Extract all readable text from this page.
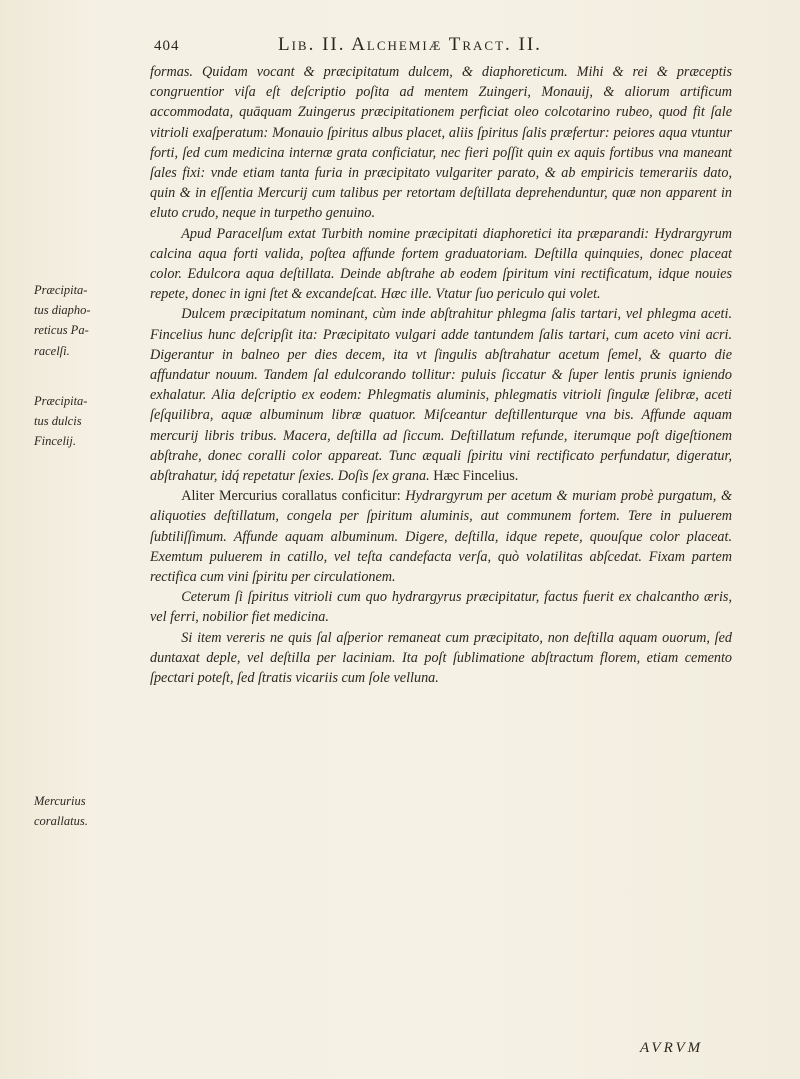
404	Lib. II. Alchemiæ Tract. II.
Præcipita-
tus diapho-
reticus Pa-
racelſi.
Præcipita-
tus dulcis
Fincelij.
Mercurius
corallatus.

formas. Quidam vocant & præcipitatum dulcem, & diaphoreticum. Mihi & rei & præceptis congruentior viſa eſt deſcriptio poſita ad mentem Zuingeri, Monauij, & aliorum artificum accommodata, quāquam Zuingerus præcipitationem perficiat oleo colcotarino rubeo, quod fit ſale vitrioli exaſperatum: Monauio ſpiritus albus placet, aliis ſpiritus ſalis præfertur: peiores aqua vtuntur forti, ſed cum medicina internæ grata conficiatur, nec fieri poſſit quin ex aquis fortibus vna maneant ſales fixi: vnde etiam tanta furia in præcipitato vulgariter parato, & ab empiricis temerariis dato, quin & in eſſentia Mercurij cum talibus per retortam deſtillata deprehenduntur, quæ non apparent in eluto crudo, neque in turpetho genuino.

Apud Paracelſum extat Turbith nomine præcipitati diaphoretici ita præparandi: Hydrargyrum calcina aqua forti valida, poſtea affunde fortem graduatoriam. Deſtilla quinquies, donec placeat color. Edulcora aqua deſtillata. Deinde abſtrahe ab eodem ſpiritum vini rectificatum, idque nouies repete, donec in igni ſtet & excandeſcat. Hæc ille. Vtatur ſuo periculo qui volet.

Dulcem præcipitatum nominant, cùm inde abſtrahitur phlegma ſalis tartari, vel phlegma aceti. Fincelius hunc deſcripſit ita: Præcipitato vulgari adde tantundem ſalis tartari, cum aceto vini acri. Digerantur in balneo per dies decem, ita vt ſingulis abſtrahatur acetum ſemel, & quarto die affundatur nouum. Tandem ſal edulcorando tollitur: puluis ſiccatur & ſuper lentis prunis igniendo exhalatur. Alia deſcriptio ex eodem: Phlegmatis aluminis, phlegmatis vitrioli ſingulæ ſelibræ, aceti ſeſquilibra, aquæ albuminum libræ quatuor. Miſceantur deſtillenturque vna bis. Affunde aquam mercurij libris tribus. Macera, deſtilla ad ſiccum. Deſtillatum refunde, iterumque poſt digeſtionem abſtrahe, donec coralli color appareat. Tunc æquali ſpiritu vini rectificato perfundatur, digeratur, abſtrahatur, idq́ repetatur ſexies. Doſis ſex grana. Hæc Fincelius.

Aliter Mercurius corallatus conficitur: Hydrargyrum per acetum & muriam probè purgatum, & aliquoties deſtillatum, congela per ſpiritum aluminis, aut communem fortem. Tere in puluerem ſubtiliſſimum. Affunde aquam albuminum. Digere, deſtilla, idque repete, quouſque color placeat. Exemtum puluerem in catillo, vel teſta candefacta verſa, quò volatilitas abſcedat. Fixam partem rectifica cum vini ſpiritu per circulationem.

Ceterum ſi ſpiritus vitrioli cum quo hydrargyrus præcipitatur, factus fuerit ex chalcantho æris, vel ferri, nobilior fiet medicina.

Si item vereris ne quis ſal aſperior remaneat cum præcipitato, non deſtilla aquam ouorum, ſed duntaxat deple, vel deſtilla per laciniam. Ita poſt ſublimatione abſtractum florem, etiam cemento ſpectari poteſt, ſed ſtratis vicariis cum ſole velluna.

AVRVM
